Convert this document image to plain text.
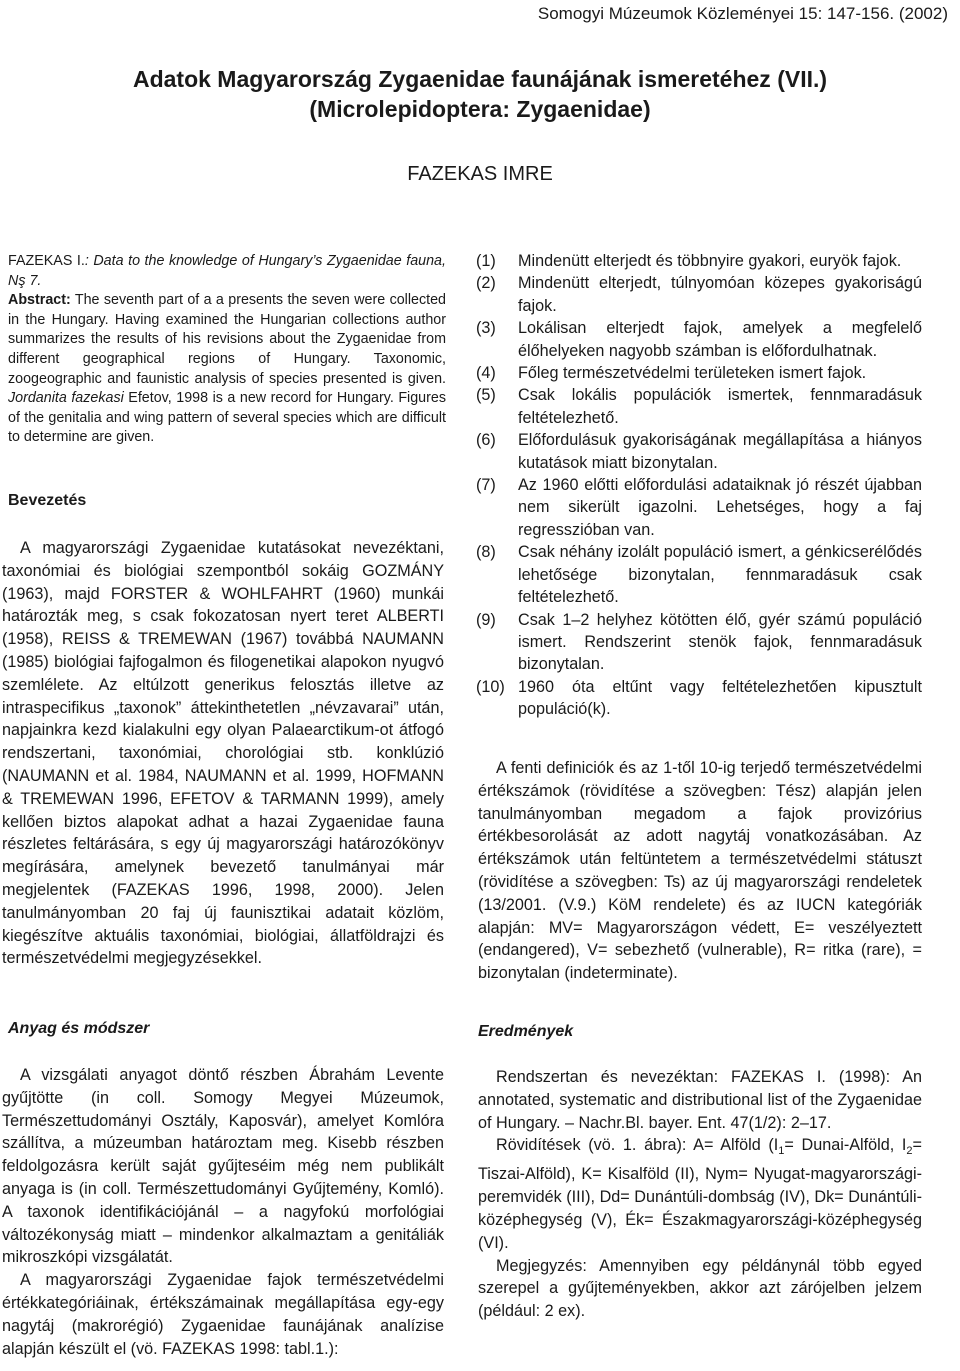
Somogyi Múzeumok Közleményei 15: 147-156. (2002)
Adatok Magyarország Zygaenidae faunájának ismeretéhez (VII.)
(Microlepidoptera: Zygaenidae)
FAZEKAS IMRE
FAZEKAS I.: Data to the knowledge of Hungary’s Zygaenidae fauna, Nş 7.
Abstract: The seventh part of a a presents the seven were collected in the Hungary. Having examined the Hungarian collections author summarizes the results of his revisions about the Zygaenidae from different geographical regions of Hungary. Taxonomic, zoogeographic and faunistic analysis of species presented is given. Jordanita fazekasi Efetov, 1998 is a new record for Hungary. Figures of the genitalia and wing pattern of several species which are difficult to determine are given.
Bevezetés

A magyarországi Zygaenidae kutatásokat nevezéktani, taxonómiai és biológiai szempontból sokáig GOZMÁNY (1963), majd FORSTER & WOHLFAHRT (1960) munkái határozták meg, s csak fokozatosan nyert teret ALBERTI (1958), REISS & TREMEWAN (1967) továbbá NAUMANN (1985) biológiai fajfogalmon és filogenetikai alapokon nyugvó szemlélete. Az eltúlzott generikus felosztás illetve az intraspecifikus „taxonok” áttekinthetetlen „névzavarai” után, napjainkra kezd kialakulni egy olyan Palaearctikum-ot átfogó rendszertani, taxonómiai, chorológiai stb. konklúzió (NAUMANN et al. 1984, NAUMANN et al. 1999, HOFMANN & TREMEWAN 1996, EFETOV & TARMANN 1999), amely kellően biztos alapokat adhat a hazai Zygaenidae fauna részletes feltárására, s egy új magyarországi határozókönyv megírására, amelynek bevezető tanulmányai már megjelentek (FAZEKAS 1996, 1998, 2000). Jelen tanulmányomban 20 faj új faunisztikai adatait közlöm, kiegészítve aktuális taxonómiai, biológiai, állatföldrajzi és természetvédelmi megjegyzésekkel.

Anyag és módszer

A vizsgálati anyagot döntő részben Ábrahám Levente gyűjtötte (in coll. Somogy Megyei Múzeumok, Természettudományi Osztály, Kaposvár), amelyet Komlóra szállítva, a múzeumban határoztam meg. Kisebb részben feldolgozásra került saját gyűjteséim még nem publikált anyaga is (in coll. Természettudományi Gyűjtemény, Komló). A taxonok identifikációjánál – a nagyfokú morfológiai változékonyság miatt – mindenkor alkalmaztam a genitáliák mikroszkópi vizsgálatát.

A magyarországi Zygaenidae fajok természetvédelmi értékkategóriáinak, értékszámainak megállapítása egy-egy nagytáj (makrorégió) Zygaenidae faunájának analízise alapján készült el (vö. FAZEKAS 1998: tabl.1.):

(1)	Mindenütt elterjedt és többnyire gyakori, euryök fajok.
(2)	Mindenütt elterjedt, túlnyomóan közepes gyakoriságú fajok.
(3)	Lokálisan elterjedt fajok, amelyek a megfelelő élőhelyeken nagyobb számban is előfordulhatnak.
(4)	Főleg természetvédelmi területeken ismert fajok.
(5)	Csak lokális populációk ismertek, fennmaradásuk feltételezhető.
(6)	Előfordulásuk gyakoriságának megállapítása a hiányos kutatások miatt bizonytalan.
(7)	Az 1960 előtti előfordulási adataiknak jó részét újabban nem sikerült igazolni. Lehetséges, hogy a faj regresszióban van.
(8)	Csak néhány izolált populáció ismert, a génkicserélődés lehetősége bizonytalan, fennmaradásuk csak feltételezhető.
(9)	Csak 1–2 helyhez kötötten élő, gyér számú populáció ismert. Rendszerint stenök fajok, fennmaradásuk bizonytalan.
(10) 1960 óta eltűnt vagy feltételezhetően kipusztult populáció(k).

A fenti definiciók és az 1-től 10-ig terjedő természetvédelmi értékszámok (rövidítése a szövegben: Tész) alapján jelen tanulmányomban megadom a fajok provizórius értékbesorolását az adott nagytáj vonatkozásában. Az értékszámok után feltüntetem a természetvédelmi státuszt (rövidítése a szövegben: Ts) az új magyarországi rendeletek (13/2001. (V.9.) KöM rendelete) és az IUCN kategóriák alapján: MV= Magyarországon védett, E= veszélyeztett (endangered), V= sebezhető (vulnerable), R= ritka (rare), = bizonytalan (indeterminate).

Eredmények

Rendszertan és nevezéktan: FAZEKAS I. (1998): An annotated, systematic and distributional list of the Zygaenidae of Hungary. – Nachr.Bl. bayer. Ent. 47(1/2): 2–17.

Rövidítések (vö. 1. ábra): A= Alföld ($I_1=$ Dunai-Alföld, $I_2=$ Tiszai-Alföld), K= Kisalföld (II), Nym= Nyugat-magyarországi-peremvidék (III), Dd= Dunántúli-dombság (IV), Dk= Dunántúli-középhegység (V), Ék= Északmagyarországi-középhegység (VI).

Megjegyzés: Amennyiben egy példánynál több egyed szerepel a gyűjteményekben, akkor azt zárójelben jelzem (például: 2 ex).
